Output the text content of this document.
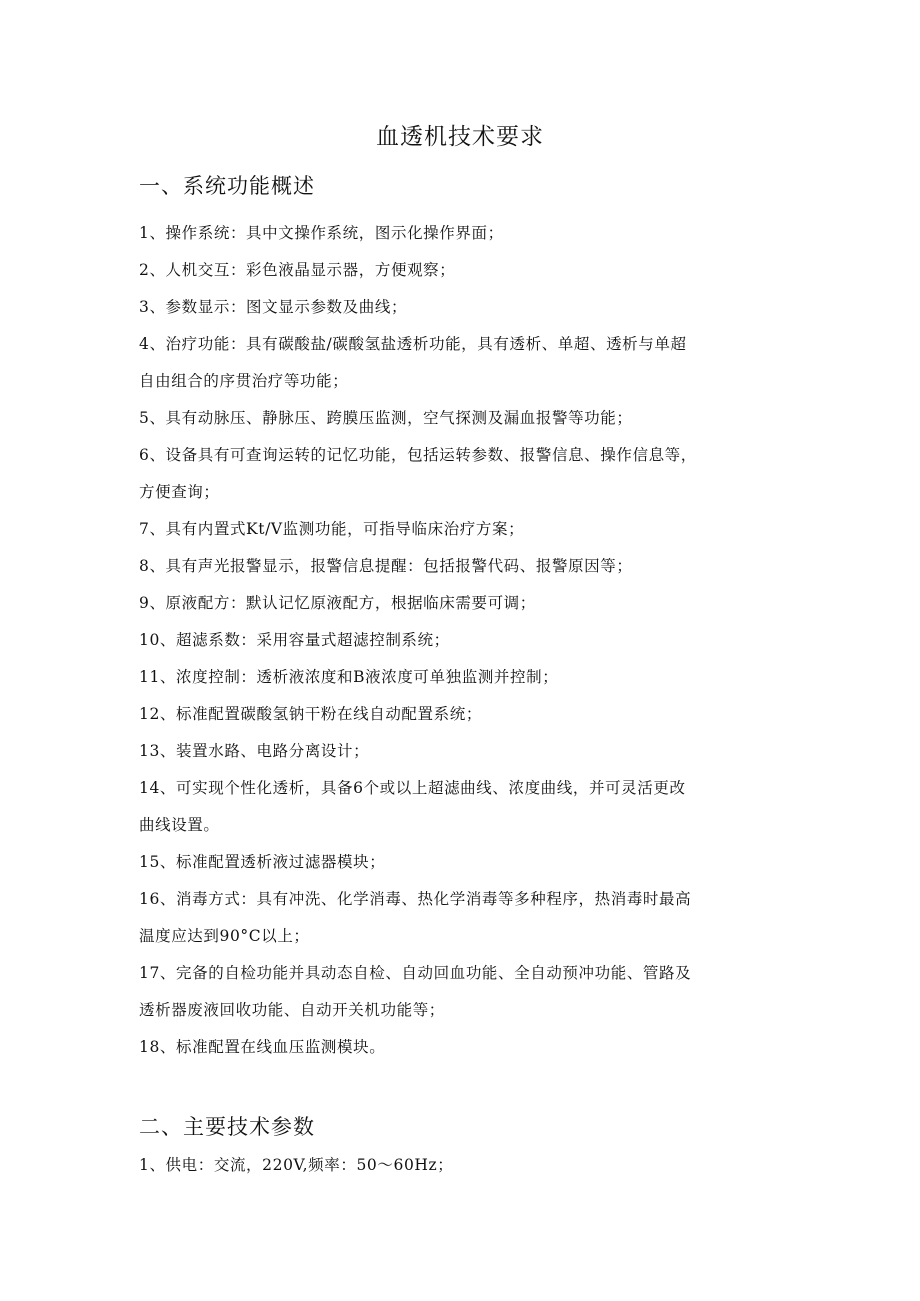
血透机技术要求
一、系统功能概述
1、操作系统：具中文操作系统，图示化操作界面；
2、人机交互：彩色液晶显示器，方便观察；
3、参数显示：图文显示参数及曲线；
4、治疗功能：具有碳酸盐/碳酸氢盐透析功能，具有透析、单超、透析与单超
自由组合的序贯治疗等功能；
5、具有动脉压、静脉压、跨膜压监测，空气探测及漏血报警等功能；
6、设备具有可查询运转的记忆功能，包括运转参数、报警信息、操作信息等，
方便查询；
7、具有内置式Kt/V监测功能，可指导临床治疗方案；
8、具有声光报警显示，报警信息提醒：包括报警代码、报警原因等；
9、原液配方：默认记忆原液配方，根据临床需要可调；
10、超滤系数：采用容量式超滤控制系统；
11、浓度控制：透析液浓度和B液浓度可单独监测并控制；
12、标准配置碳酸氢钠干粉在线自动配置系统；
13、装置水路、电路分离设计；
14、可实现个性化透析，具备6个或以上超滤曲线、浓度曲线，并可灵活更改
曲线设置。
15、标准配置透析液过滤器模块；
16、消毒方式：具有冲洗、化学消毒、热化学消毒等多种程序，热消毒时最高
温度应达到90°C以上；
17、完备的自检功能并具动态自检、自动回血功能、全自动预冲功能、管路及
透析器废液回收功能、自动开关机功能等；
18、标准配置在线血压监测模块。
二、主要技术参数
1、供电：交流，220V,频率：50～60Hz；
